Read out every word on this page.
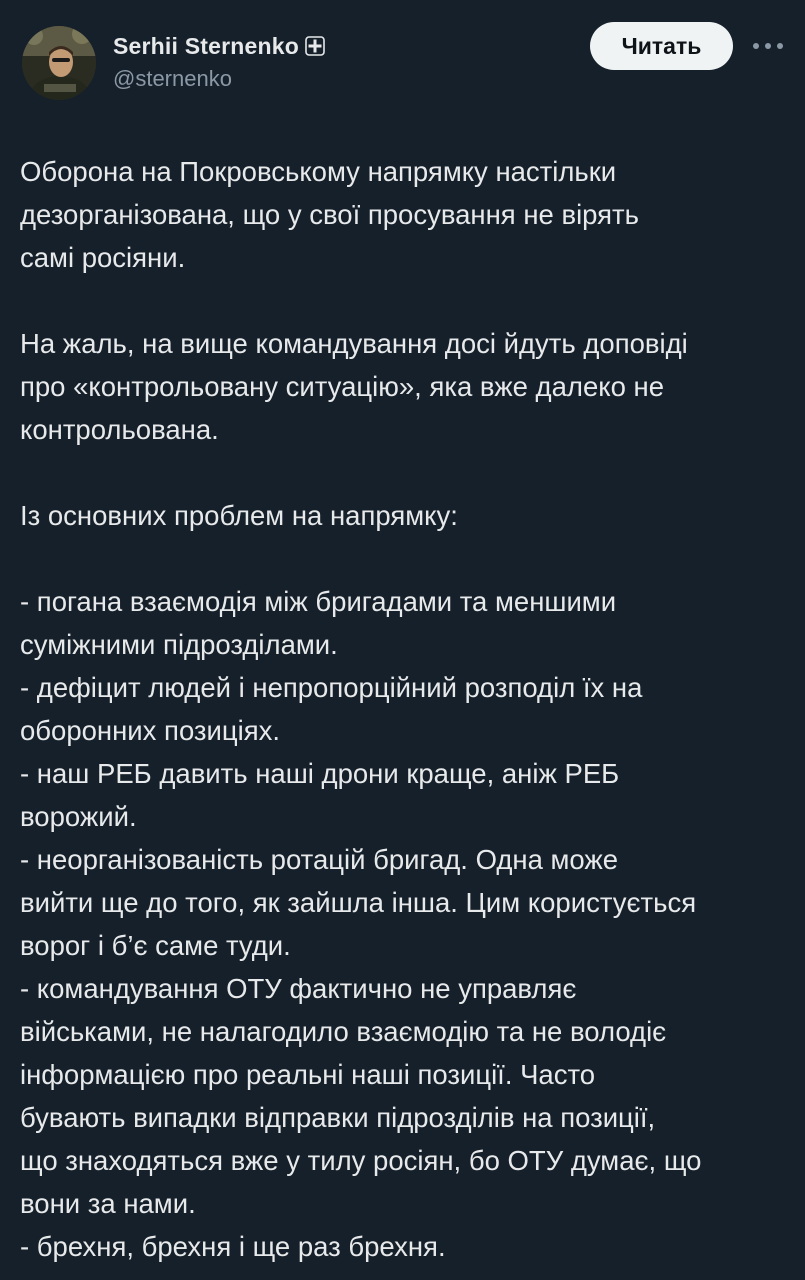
Serhii Sternenko
@sternenko
Читать

Оборона на Покровському напрямку настільки

дезорганізована, що у свої просування не вірять

самі росіяни.

На жаль, на вище командування досі йдуть доповіді

про «контрольовану ситуацію», яка вже далеко не

контрольована.

Із основних проблем на напрямку:

- погана взаємодія між бригадами та меншими

суміжними підрозділами.

- дефіцит людей і непропорційний розподіл їх на

оборонних позиціях.

- наш РЕБ давить наші дрони краще, аніж РЕБ

ворожий.

- неорганізованість ротацій бригад. Одна може

вийти ще до того, як зайшла інша. Цим користується

ворог і б’є саме туди.

- командування ОТУ фактично не управляє

військами, не налагодило взаємодію та не володіє

інформацією про реальні наші позиції. Часто

бувають випадки відправки підрозділів на позиції,

що знаходяться вже у тилу росіян, бо ОТУ думає, що

вони за нами.

- брехня, брехня і ще раз брехня.
